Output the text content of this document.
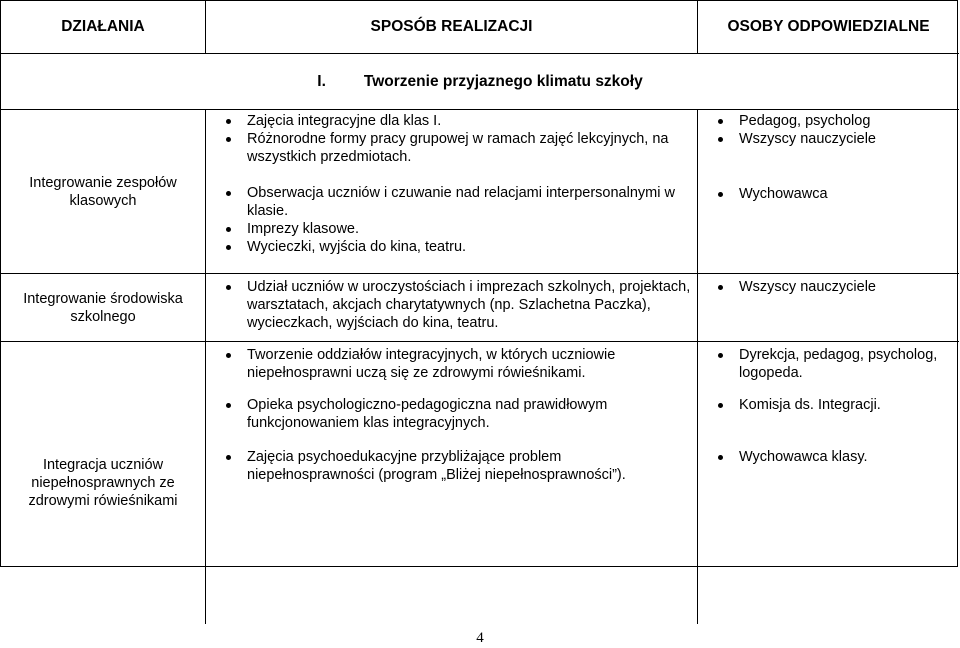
DZIAŁANIA	SPOSÓB REALIZACJI	OSOBY ODPOWIEDZIALNE
I. Tworzenie przyjaznego klimatu szkoły
Integrowanie zespołów klasowych
Zajęcia integracyjne dla klas I.
Różnorodne formy pracy grupowej w ramach zajęć lekcyjnych, na wszystkich przedmiotach.
Obserwacja uczniów i czuwanie nad relacjami interpersonalnymi w klasie.
Imprezy klasowe.
Wycieczki, wyjścia do kina, teatru.
Pedagog, psycholog
Wszyscy nauczyciele
Wychowawca
Integrowanie środowiska szkolnego
Udział uczniów w uroczystościach i imprezach szkolnych, projektach, warsztatach, akcjach charytatywnych (np. Szlachetna Paczka), wycieczkach, wyjściach do kina, teatru.
Wszyscy nauczyciele
Integracja uczniów niepełnosprawnych ze zdrowymi rówieśnikami
Tworzenie oddziałów integracyjnych, w których uczniowie niepełnosprawni uczą się ze zdrowymi rówieśnikami.
Opieka psychologiczno-pedagogiczna nad prawidłowym funkcjonowaniem klas integracyjnych.
Zajęcia psychoedukacyjne przybliżające problem niepełnosprawności (program „Bliżej niepełnosprawności”).
Dyrekcja, pedagog, psycholog, logopeda.
Komisja ds. Integracji.
Wychowawca klasy.
4
